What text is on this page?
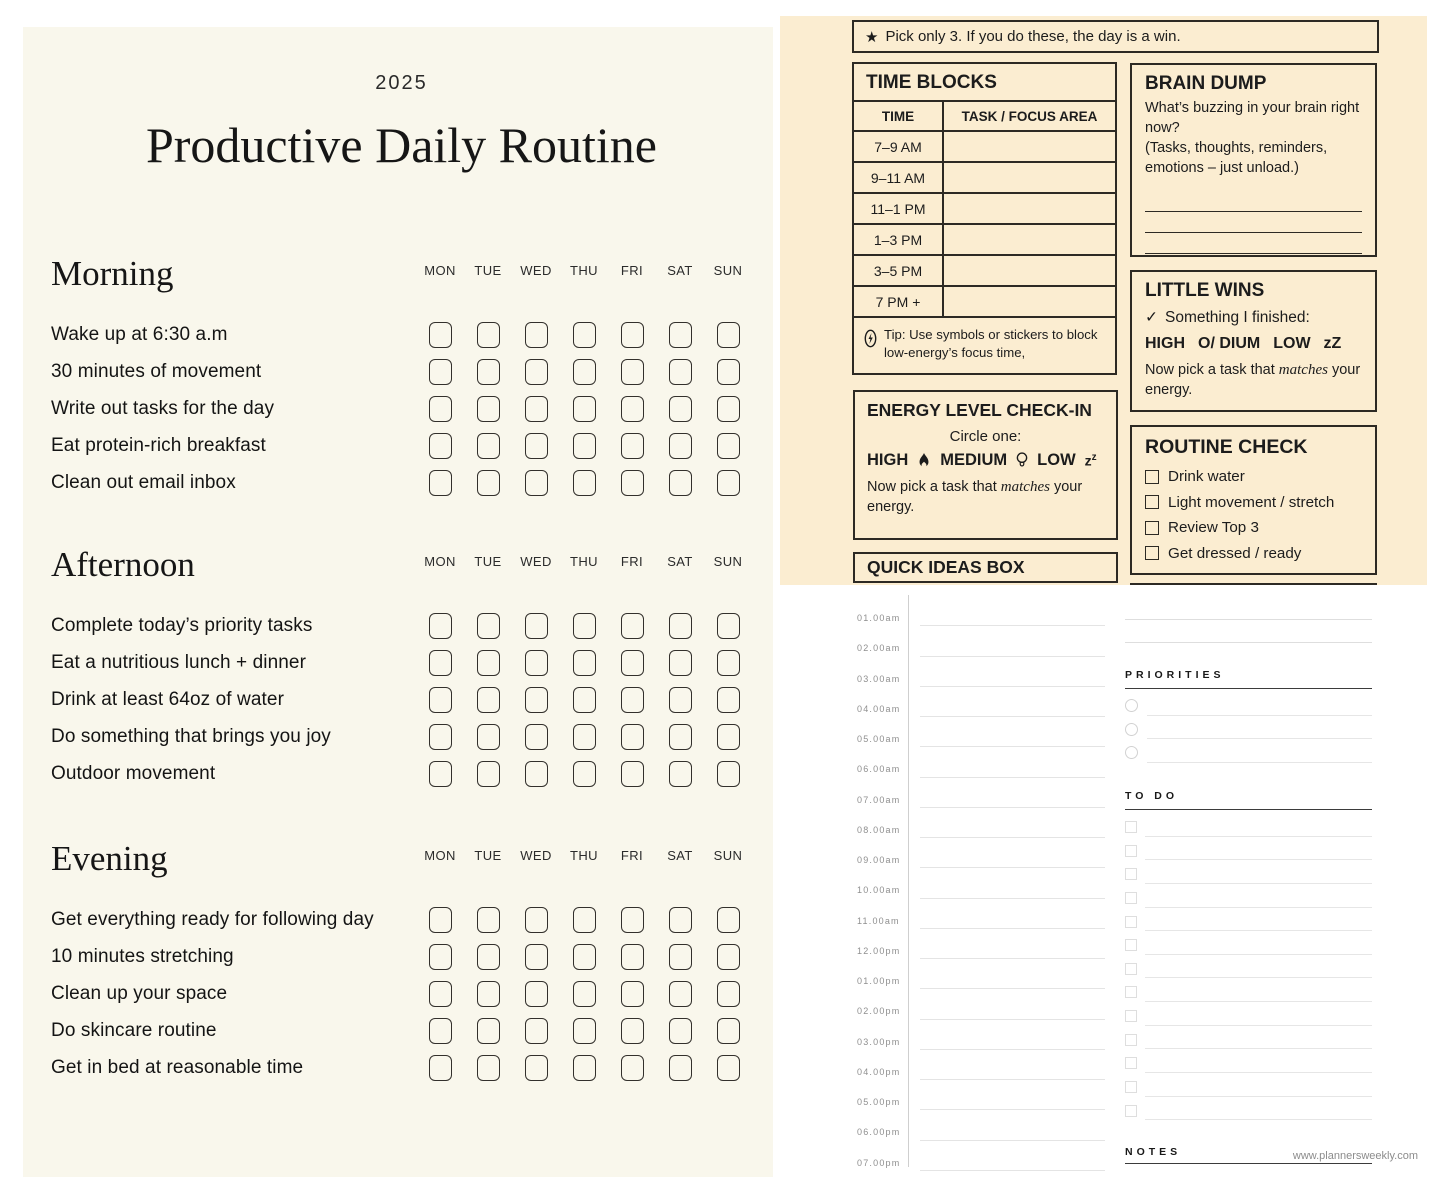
2025
Productive Daily Routine
Morning	MON	TUE	WED	THU	FRI	SAT	SUN
Wake up at 6:30 a.m
30 minutes of movement
Write out tasks for the day
Eat protein-rich breakfast
Clean out email inbox
Afternoon	MON	TUE	WED	THU	FRI	SAT	SUN
Complete today’s priority tasks
Eat a nutritious lunch + dinner
Drink at least 64oz of water
Do something that brings you joy
Outdoor movement
Evening	MON	TUE	WED	THU	FRI	SAT	SUN
Get everything ready for following day
10 minutes stretching
Clean up your space
Do skincare routine
Get in bed at reasonable time
★ Pick only 3. If you do these, the day is a win.
TIME BLOCKS
TIME	TASK / FOCUS AREA
7–9 AM
9–11 AM
11–1 PM
1–3 PM
3–5 PM
7 PM +
Tip: Use symbols or stickers to block low-energy’s focus time,
ENERGY LEVEL CHECK-IN
Circle one:
HIGH MEDIUM LOW $z^z$
Now pick a task that matches your energy.
QUICK IDEAS BOX
BRAIN DUMP
What’s buzzing in your brain right now?
(Tasks, thoughts, reminders, emotions – just unload.)
LITTLE WINS
✓ Something I finished:
HIGH O/ DIUM LOW zZ
Now pick a task that matches your energy.
ROUTINE CHECK
Drink water
Light movement / stretch
Review Top 3
Get dressed / ready
01.00am
02.00am
03.00am
04.00am
05.00am
06.00am
07.00am
08.00am
09.00am
10.00am
11.00am
12.00pm
01.00pm
02.00pm
03.00pm
04.00pm
05.00pm
06.00pm
07.00pm
PRIORITIES
TO DO
NOTES	www.plannersweekly.com
